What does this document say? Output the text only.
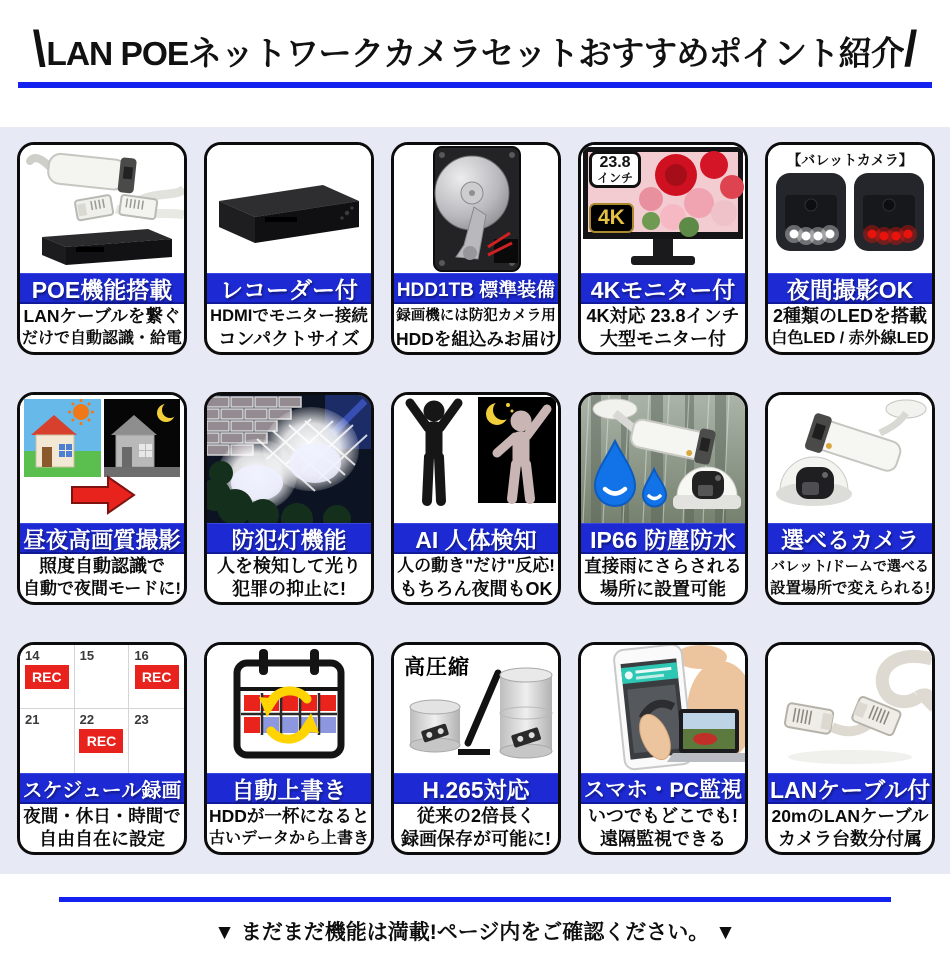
\ LAN POEネットワークカメラセットおすすめポイント紹介 /
POE機能搭載
LANケーブルを繋ぐ
だけで自動認識・給電
レコーダー付
HDMIでモニター接続
コンパクトサイズ
HDD1TB 標準装備
録画機には防犯カメラ用
HDDを組込みお届け
23.8
インチ
4K
4Kモニター付
4K対応 23.8インチ
大型モニター付
【バレットカメラ】
夜間撮影OK
2種類のLEDを搭載
白色LED / 赤外線LED
昼夜高画質撮影
照度自動認識で
自動で夜間モードに!
防犯灯機能
人を検知して光り
犯罪の抑止に!
AI 人体検知
人の動き"だけ"反応!
もちろん夜間もOK
IP66 防塵防水
直接雨にさらされる
場所に設置可能
選べるカメラ
バレット/ドームで選べる
設置場所で変えられる!
14
REC
15	16
REC
21	22
REC
23
スケジュール録画
夜間・休日・時間で
自由自在に設定
自動上書き
HDDが一杯になると
古いデータから上書き
高圧縮
H.265対応
従来の2倍長く
録画保存が可能に!
スマホ・PC監視
いつでもどこでも!
遠隔監視できる
LANケーブル付
20mのLANケーブル
カメラ台数分付属
▼ まだまだ機能は満載!ページ内をご確認ください。 ▼
